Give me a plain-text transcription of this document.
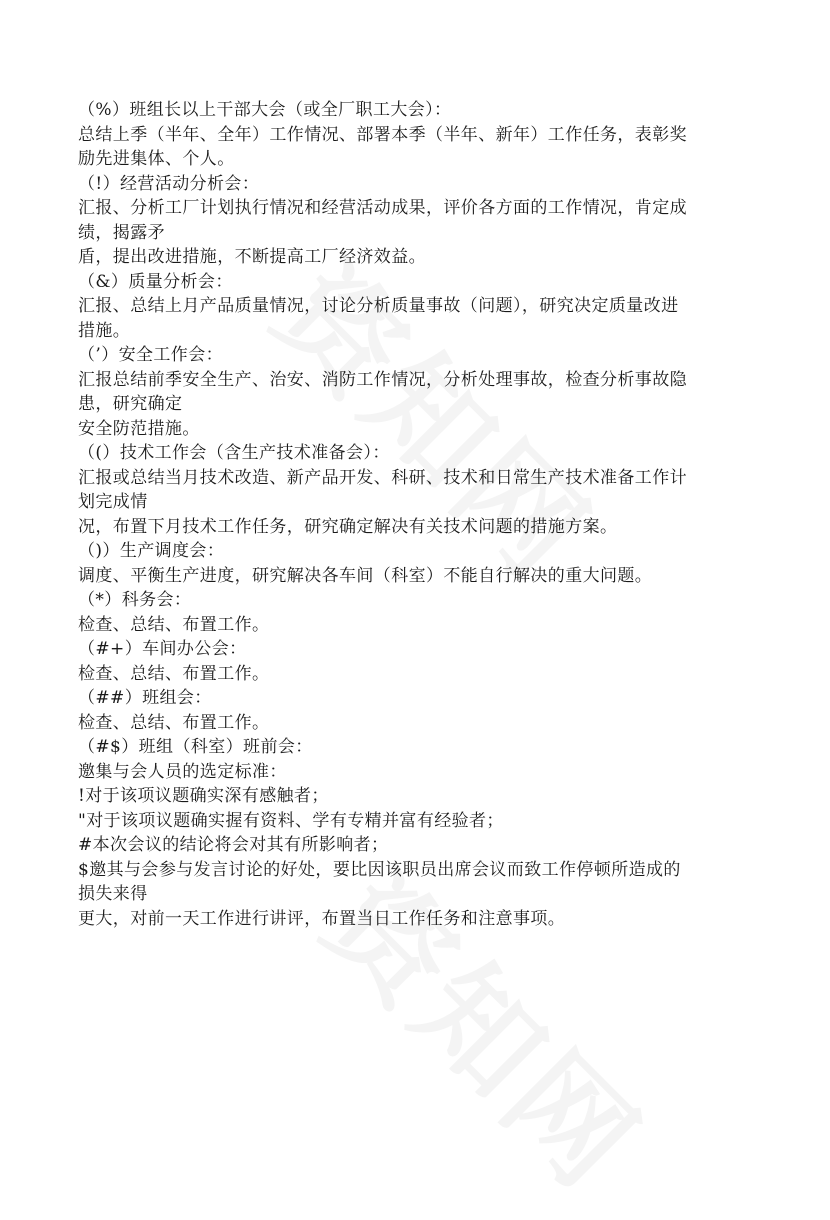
（%）班组长以上干部大会（或全厂职工大会）：
总结上季（半年、全年）工作情况、部署本季（半年、新年）工作任务，表彰奖
励先进集体、个人。
（!）经营活动分析会：
汇报、分析工厂计划执行情况和经营活动成果，评价各方面的工作情况，肯定成
绩，揭露矛
盾，提出改进措施，不断提高工厂经济效益。
（&）质量分析会：
汇报、总结上月产品质量情况，讨论分析质量事故（问题），研究决定质量改进
措施。
（’）安全工作会：
汇报总结前季安全生产、治安、消防工作情况，分析处理事故，检查分析事故隐
患，研究确定
安全防范措施。
（(）技术工作会（含生产技术准备会）：
汇报或总结当月技术改造、新产品开发、科研、技术和日常生产技术准备工作计
划完成情
况，布置下月技术工作任务，研究确定解决有关技术问题的措施方案。
（)）生产调度会：
调度、平衡生产进度，研究解决各车间（科室）不能自行解决的重大问题。
（*）科务会：
检查、总结、布置工作。
（#+）车间办公会：
检查、总结、布置工作。
（##）班组会：
检查、总结、布置工作。
（#$）班组（科室）班前会：
邀集与会人员的选定标准：
!对于该项议题确实深有感触者；
"对于该项议题确实握有资料、学有专精并富有经验者；
#本次会议的结论将会对其有所影响者；
$邀其与会参与发言讨论的好处，要比因该职员出席会议而致工作停顿所造成的
损失来得
更大，对前一天工作进行讲评，布置当日工作任务和注意事项。
